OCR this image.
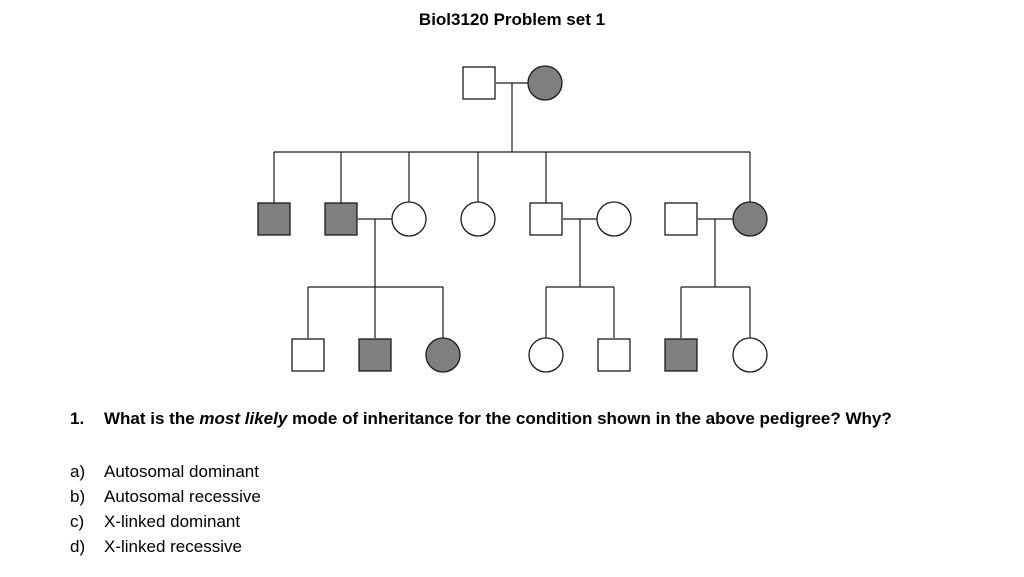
Biol3120 Problem set 1
1. What is the most likely mode of inheritance for the condition shown in the above pedigree? Why?
a) Autosomal dominant
b) Autosomal recessive
c) X-linked dominant
d) X-linked recessive
